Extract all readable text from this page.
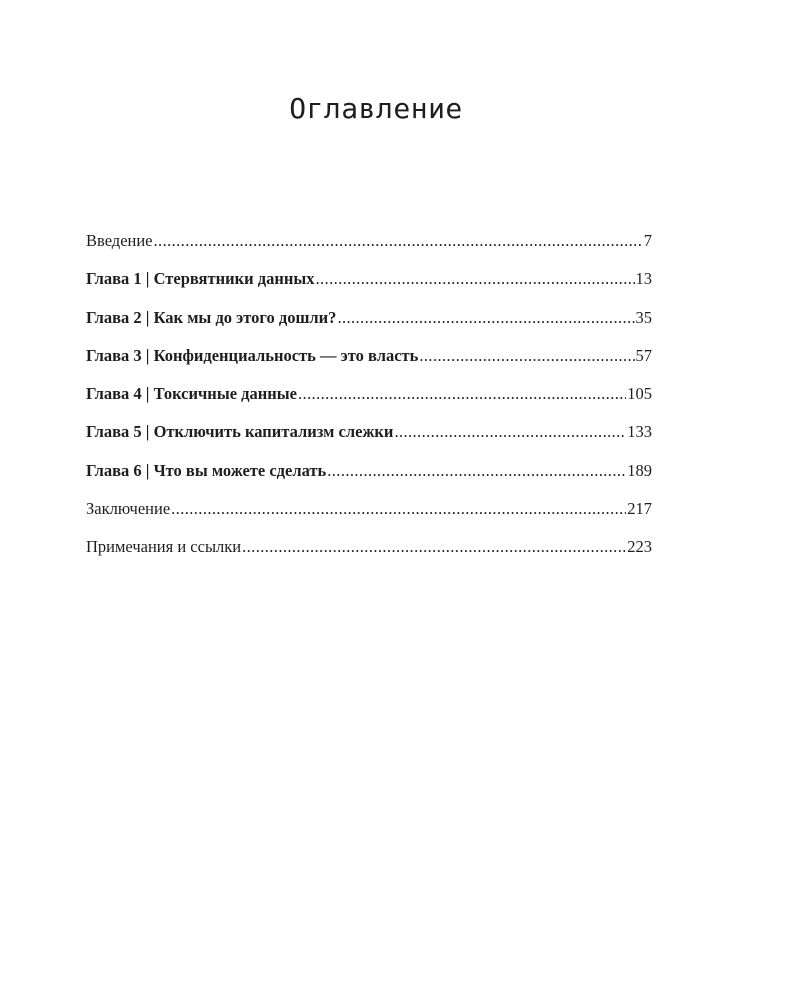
Оглавление
Введение .....	7
Глава 1 | Стервятники данных .....	13
Глава 2 | Как мы до этого дошли? .....	35
Глава 3 | Конфиденциальность — это власть .....	57
Глава 4 | Токсичные данные .....	105
Глава 5 | Отключить капитализм слежки .....	133
Глава 6 | Что вы можете сделать .....	189
Заключение .....	217
Примечания и ссылки .....	223
